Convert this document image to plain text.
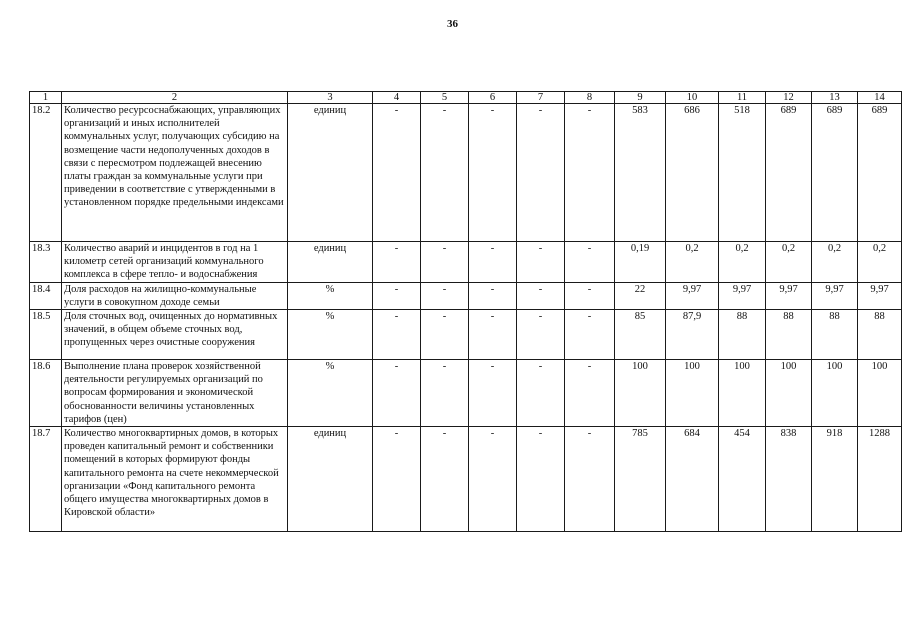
36
1	2	3	4	5	6	7	8	9	10	11	12	13	14
18.2	Количество ресурсоснабжающих, управляющих организаций и иных исполнителей коммунальных услуг, получающих субсидию на возмещение части недополученных доходов в связи с пересмотром подлежащей внесению платы граждан за коммунальные услуги при приведении в соответствие с утвержденными в установленном порядке предельными индексами	единиц	-	-	-	-	-	583	686	518	689	689	689
18.3	Количество аварий и инцидентов в год на 1 километр сетей организаций коммунального комплекса в сфере тепло- и водоснабжения	единиц	-	-	-	-	-	0,19	0,2	0,2	0,2	0,2	0,2
18.4	Доля расходов на жилищно-коммунальные услуги в совокупном доходе семьи	%	-	-	-	-	-	22	9,97	9,97	9,97	9,97	9,97
18.5	Доля сточных вод, очищенных до нормативных значений, в общем объеме сточных вод, пропущенных через очистные сооружения	%	-	-	-	-	-	85	87,9	88	88	88	88
18.6	Выполнение плана проверок хозяйственной деятельности регулируемых организаций по вопросам формирования и экономической обоснованности величины установленных тарифов (цен)	%	-	-	-	-	-	100	100	100	100	100	100
18.7	Количество многоквартирных домов, в которых проведен капитальный ремонт и собственники помещений в которых формируют фонды капитального ремонта на счете некоммерческой организации «Фонд капитального ремонта общего имущества многоквартирных домов в Кировской области»	единиц	-	-	-	-	-	785	684	454	838	918	1288
